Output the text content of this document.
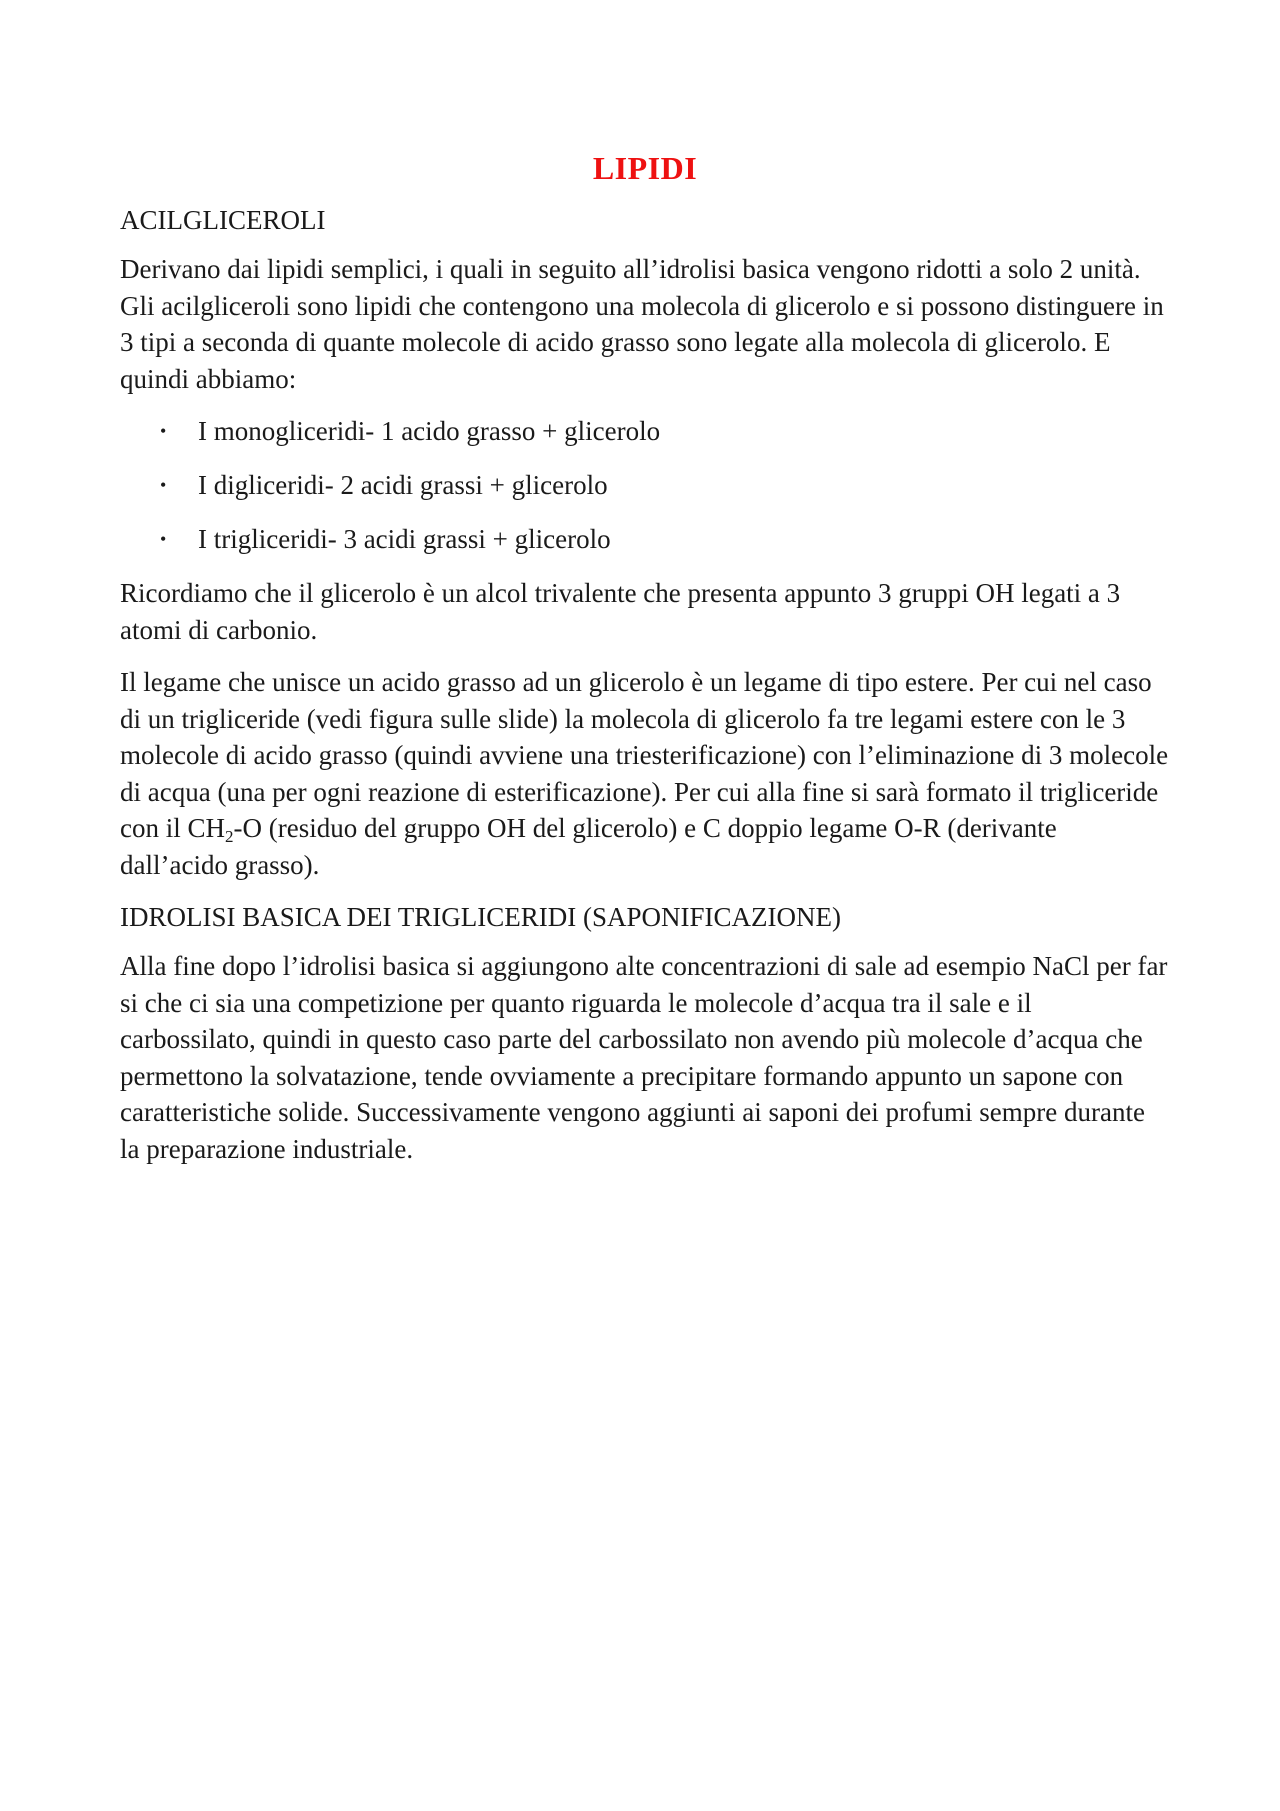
LIPIDI
ACILGLICEROLI

Derivano dai lipidi semplici, i quali in seguito all’idrolisi basica vengono ridotti a solo 2 unità. Gli acilgliceroli sono lipidi che contengono una molecola di glicerolo e si possono distinguere in 3 tipi a seconda di quante molecole di acido grasso sono legate alla molecola di glicerolo. E quindi abbiamo:

• I monogliceridi- 1 acido grasso + glicerolo
• I digliceridi- 2 acidi grassi + glicerolo
• I trigliceridi- 3 acidi grassi + glicerolo

Ricordiamo che il glicerolo è un alcol trivalente che presenta appunto 3 gruppi OH legati a 3 atomi di carbonio.

Il legame che unisce un acido grasso ad un glicerolo è un legame di tipo estere. Per cui nel caso di un trigliceride (vedi figura sulle slide) la molecola di glicerolo fa tre legami estere con le 3 molecole di acido grasso (quindi avviene una triesterificazione) con l’eliminazione di 3 molecole di acqua (una per ogni reazione di esterificazione). Per cui alla fine si sarà formato il trigliceride con il $CH_2-O$ (residuo del gruppo OH del glicerolo) e C doppio legame O-R (derivante dall’acido grasso).

IDROLISI BASICA DEI TRIGLICERIDI (SAPONIFICAZIONE)

Alla fine dopo l’idrolisi basica si aggiungono alte concentrazioni di sale ad esempio NaCl per far si che ci sia una competizione per quanto riguarda le molecole d’acqua tra il sale e il carbossilato, quindi in questo caso parte del carbossilato non avendo più molecole d’acqua che permettono la solvatazione, tende ovviamente a precipitare formando appunto un sapone con caratteristiche solide. Successivamente vengono aggiunti ai saponi dei profumi sempre durante la preparazione industriale.
